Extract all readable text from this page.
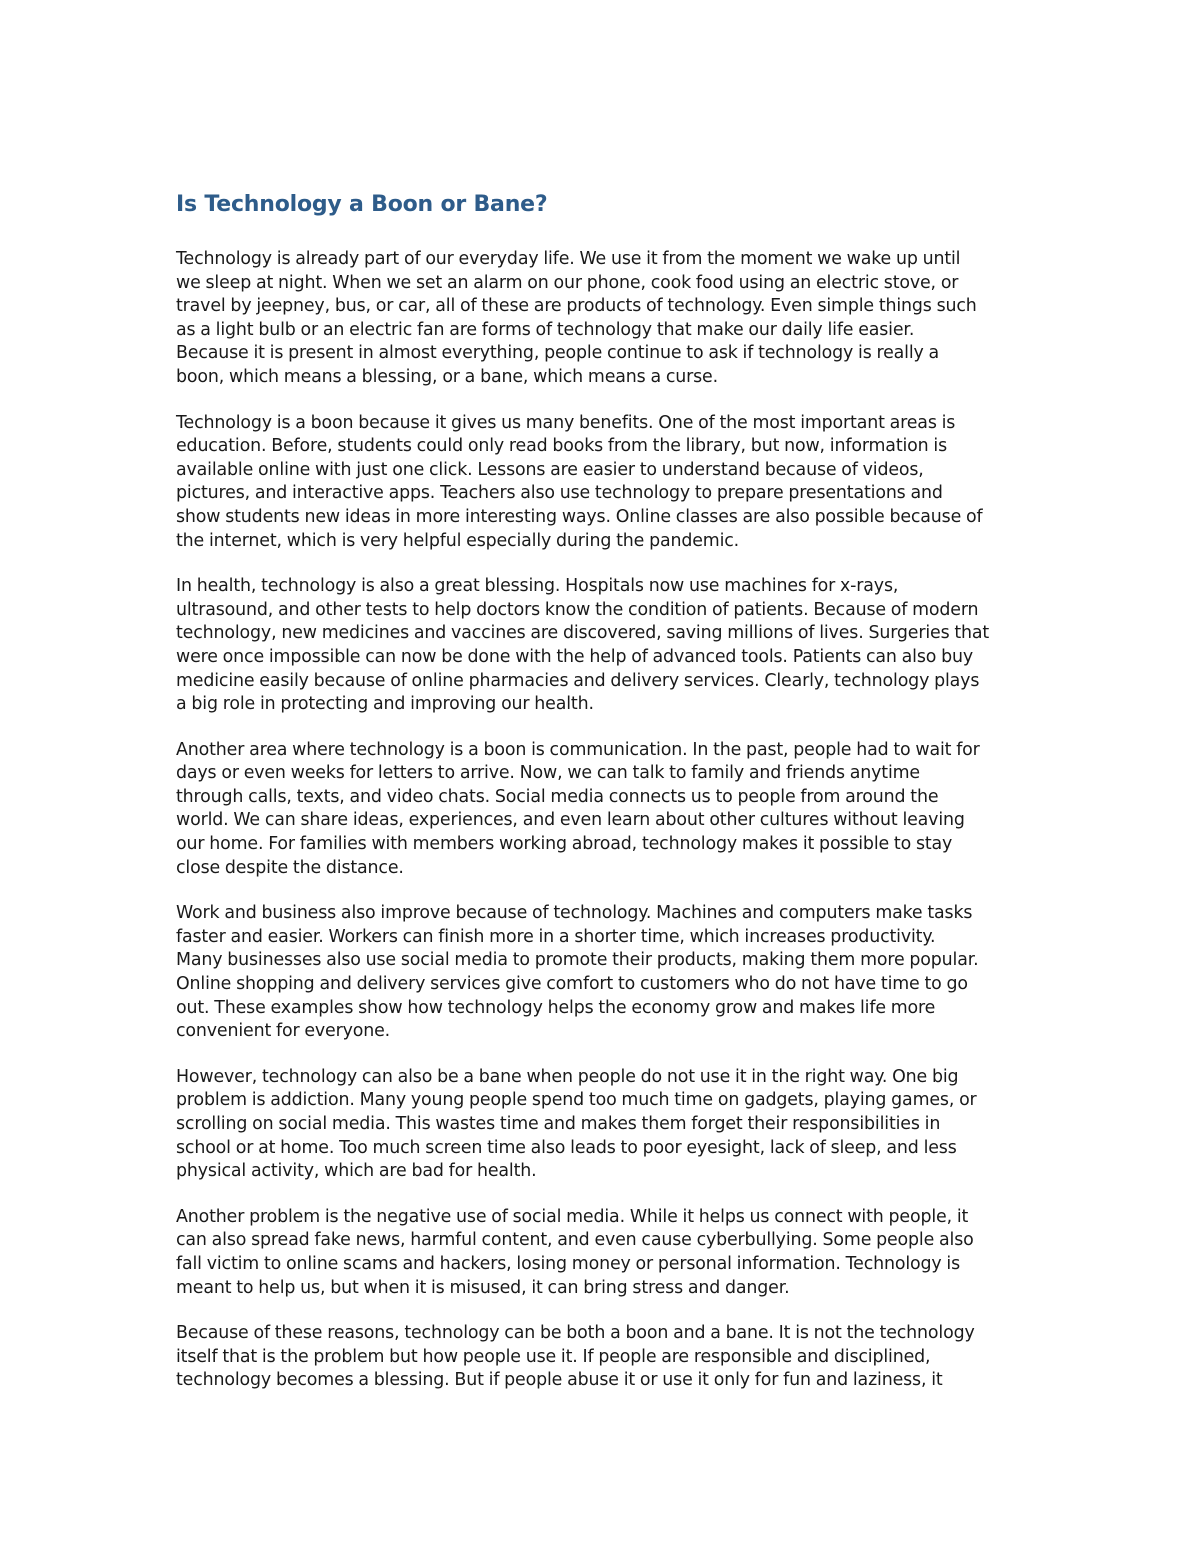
Is Technology a Boon or Bane?

Technology is already part of our everyday life. We use it from the moment we wake up until
we sleep at night. When we set an alarm on our phone, cook food using an electric stove, or
travel by jeepney, bus, or car, all of these are products of technology. Even simple things such
as a light bulb or an electric fan are forms of technology that make our daily life easier.
Because it is present in almost everything, people continue to ask if technology is really a
boon, which means a blessing, or a bane, which means a curse.

Technology is a boon because it gives us many benefits. One of the most important areas is
education. Before, students could only read books from the library, but now, information is
available online with just one click. Lessons are easier to understand because of videos,
pictures, and interactive apps. Teachers also use technology to prepare presentations and
show students new ideas in more interesting ways. Online classes are also possible because of
the internet, which is very helpful especially during the pandemic.

In health, technology is also a great blessing. Hospitals now use machines for x-rays,
ultrasound, and other tests to help doctors know the condition of patients. Because of modern
technology, new medicines and vaccines are discovered, saving millions of lives. Surgeries that
were once impossible can now be done with the help of advanced tools. Patients can also buy
medicine easily because of online pharmacies and delivery services. Clearly, technology plays
a big role in protecting and improving our health.

Another area where technology is a boon is communication. In the past, people had to wait for
days or even weeks for letters to arrive. Now, we can talk to family and friends anytime
through calls, texts, and video chats. Social media connects us to people from around the
world. We can share ideas, experiences, and even learn about other cultures without leaving
our home. For families with members working abroad, technology makes it possible to stay
close despite the distance.

Work and business also improve because of technology. Machines and computers make tasks
faster and easier. Workers can finish more in a shorter time, which increases productivity.
Many businesses also use social media to promote their products, making them more popular.
Online shopping and delivery services give comfort to customers who do not have time to go
out. These examples show how technology helps the economy grow and makes life more
convenient for everyone.

However, technology can also be a bane when people do not use it in the right way. One big
problem is addiction. Many young people spend too much time on gadgets, playing games, or
scrolling on social media. This wastes time and makes them forget their responsibilities in
school or at home. Too much screen time also leads to poor eyesight, lack of sleep, and less
physical activity, which are bad for health.

Another problem is the negative use of social media. While it helps us connect with people, it
can also spread fake news, harmful content, and even cause cyberbullying. Some people also
fall victim to online scams and hackers, losing money or personal information. Technology is
meant to help us, but when it is misused, it can bring stress and danger.

Because of these reasons, technology can be both a boon and a bane. It is not the technology
itself that is the problem but how people use it. If people are responsible and disciplined,
technology becomes a blessing. But if people abuse it or use it only for fun and laziness, it
